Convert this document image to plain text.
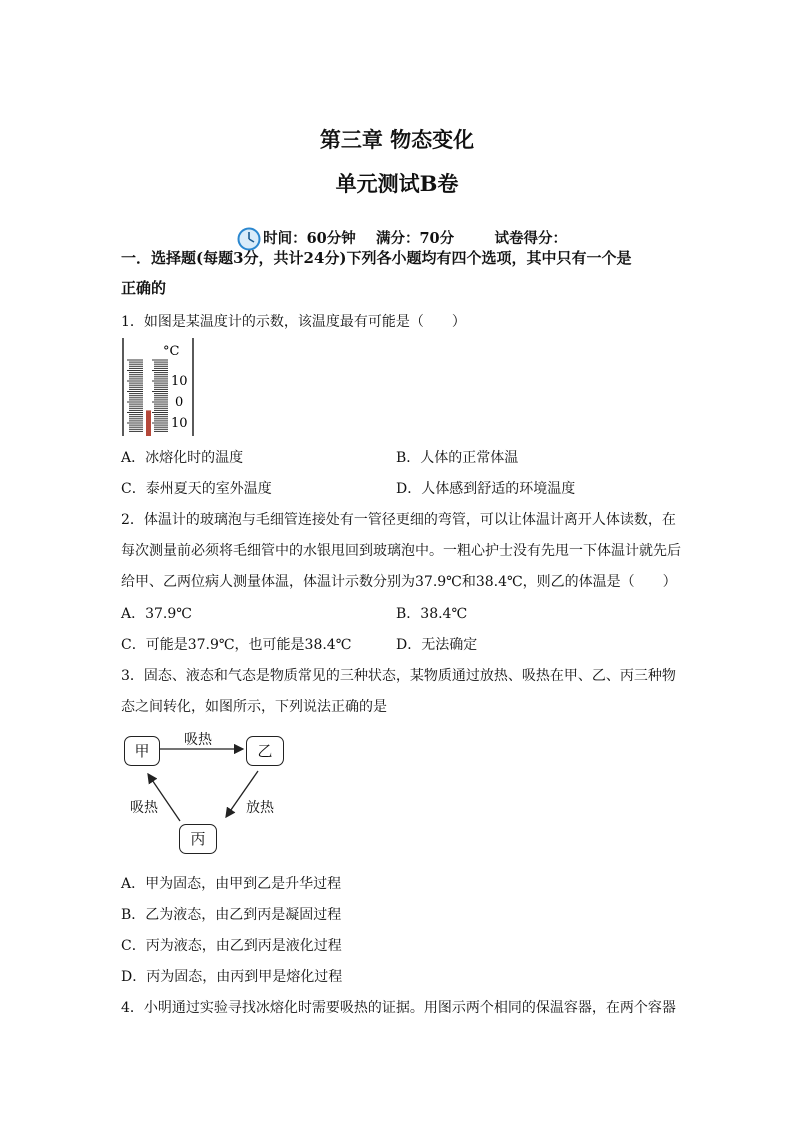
第三章 物态变化
单元测试B卷

时间：60分钟    满分：70分        试卷得分：

一．选择题(每题3分，共计24分)下列各小题均有四个选项，其中只有一个是
正确的
1．如图是某温度计的示数，该温度最有可能是（　　）
°C
10
0
10
A．冰熔化时的温度	B．人体的正常体温
C．泰州夏天的室外温度	D．人体感到舒适的环境温度
2．体温计的玻璃泡与毛细管连接处有一管径更细的弯管，可以让体温计离开人体读数，在
每次测量前必须将毛细管中的水银甩回到玻璃泡中。一粗心护士没有先甩一下体温计就先后
给甲、乙两位病人测量体温，体温计示数分别为37.9℃和38.4℃，则乙的体温是（　　）
A．37.9℃	B．38.4℃
C．可能是37.9℃，也可能是38.4℃	D．无法确定
3．固态、液态和气态是物质常见的三种状态，某物质通过放热、吸热在甲、乙、丙三种物
态之间转化，如图所示，下列说法正确的是
甲	乙
丙
吸热
放热
吸热
A．甲为固态，由甲到乙是升华过程
B．乙为液态，由乙到丙是凝固过程
C．丙为液态，由乙到丙是液化过程
D．丙为固态，由丙到甲是熔化过程
4．小明通过实验寻找冰熔化时需要吸热的证据。用图示两个相同的保温容器，在两个容器
